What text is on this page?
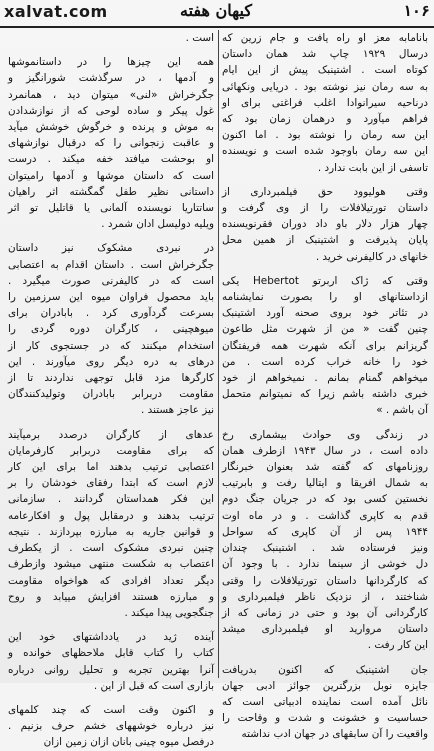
xalvat.com	کیهان هفته	۱۰۶
بانامابه معز او راه یافت و جام زرین که
درسال ۱۹۲۹ چاپ شد همان داستان
کوتاه است . اشتینبک پیش از این ایام
به سه رمان نیز نوشته بود . دریایی ونکهائی
درناحیه سیرانوادا اغلب فراغتی برای او
فراهم میآورد و درهمان زمان بود که
این سه رمان را نوشته بود . اما اکنون
این سه رمان باوجود شده است و نویسنده
تاسفی از این بابت ندارد .
وقتی هولیوود حق فیلمبرداری از
داستان تورتیلافلات را از وی گرفت و
چهار هزار دلار باو داد دوران فقرنویسنده
پایان پذیرفت و اشتینبک از همین محل
خانهای در کالیفرنی خرید .
وقتی که ژاک اربرتو Hebertot یکی
ازداستانهای او را بصورت نمایشنامه
در تئاتر خود بروی صحنه آورد اشتینبک
چنین گفت « من از شهرت مثل طاعون
گریزانم برای آنکه شهرت همه فریفتگان
خود را خانه خراب کرده است . من
میخواهم گمنام بمانم . نمیخواهم از خود
خبری داشته باشم زیرا که نمیتوانم متحمل
آن باشم . »
در زندگی وی حوادث بیشماری رخ
داده است ، در سال ۱۹۴۳ ازطرف همان
روزنامهای که گفته شد بعنوان خبرنگار
به شمال افریقا و ایتالیا رفت و بابرتیب
نخستین کسی بود که در جریان جنگ دوم
قدم به کاپری گذاشت . و در ماه اوت
۱۹۴۴ پس از آن کاپری که سواحل
ونیز فرستاده شد . اشتینبک چندان
دل خوشی از سینما ندارد . با وجود آن
که کارگردانها داستان تورتیلافلات را وقتی
شناختند ، از نزدیک ناظر فیلمبرداری و
کارگردانی آن بود و حتی در زمانی که از
داستان مروارید او فیلمبرداری میشد
این کار رفت .
جان اشتینبک که اکنون بدریافت
جایزه نوبل بزرگترین جوائز ادبی جهان
نائل آمده است نماینده ادبیاتی است که
حساسیت و خشونت و شدت و وقاحت را
واقعیت را آن سابقهای در جهان ادب نداشته
است .
همه این چیزها را در داستانموشها
و آدمها ، در سرگذشت شورانگیز و
جگرخراش «لنی» میتوان دید ، همانمرد
غول پیکر و ساده لوحی که از نوازشدادن
به موش و پرنده و خرگوش خوشش میآید
و عاقبت زنجوانی را که درقبال نوازشهای
او بوحشت میافتد خفه میکند . درست
است که داستان موشها و آدمها رامیتوان
داستانی نظیر طفل گمگشته اثر راهیان
ساتتاریا نویسنده آلمانی یا قاتلیل تو اثر
ویلیه دولیسل ادان شمرد .
در نبردی مشکوک نیز داستان
جگرخراش است . داستان اقدام به اعتصابی
است که در کالیفرنی صورت میگیرد .
باید محصول فراوان میوه این سرزمین را
بسرعت گردآوری کرد . بابادران برای
میوهچینی ، کارگران دوره گردی را
استخدام میکنند که در جستجوی کار از
درهای به دره دیگر روی میآورند . این
کارگرها مزد قابل توجهی نداردند تا از
مقاومت دربرابر بابادران وتولیدکنندگان
نیز عاجز هستند .
عدهای از کارگران درصدد برمیآیند
که برای مقاومت دربرابر کارفرمایان
اعتصابی ترتیب بدهند اما برای این کار
لازم است که ابتدا رفقای خودشان را بر
این فکر همداستان گردانند . سازمانی
ترتیب بدهند و درمقابل پول و افکارعامه
و قوانین جاریه به مبارزه بپردازند . نتیجه
چنین نبردی مشکوک است . از یکطرف
اعتصاب به شکست منتهی میشود وازطرف
دیگر تعداد افرادی که هواخواه مقاومت
و مبارزه هستند افزایش مییابد و روح
جنگجویی پیدا میکند .
آینده ژید در یادداشتهای خود این
کتاب را کتاب قابل ملاحظهای خوانده و
آنرا بهترین تجربه و تحلیل روانی درباره
بازاری است که قبل از این .
و اکنون وقت است که چند کلمهای
نیز درباره خوشههای خشم حرف بزنیم .
درفصل میوه چینی بانان ازان زمین ازان
